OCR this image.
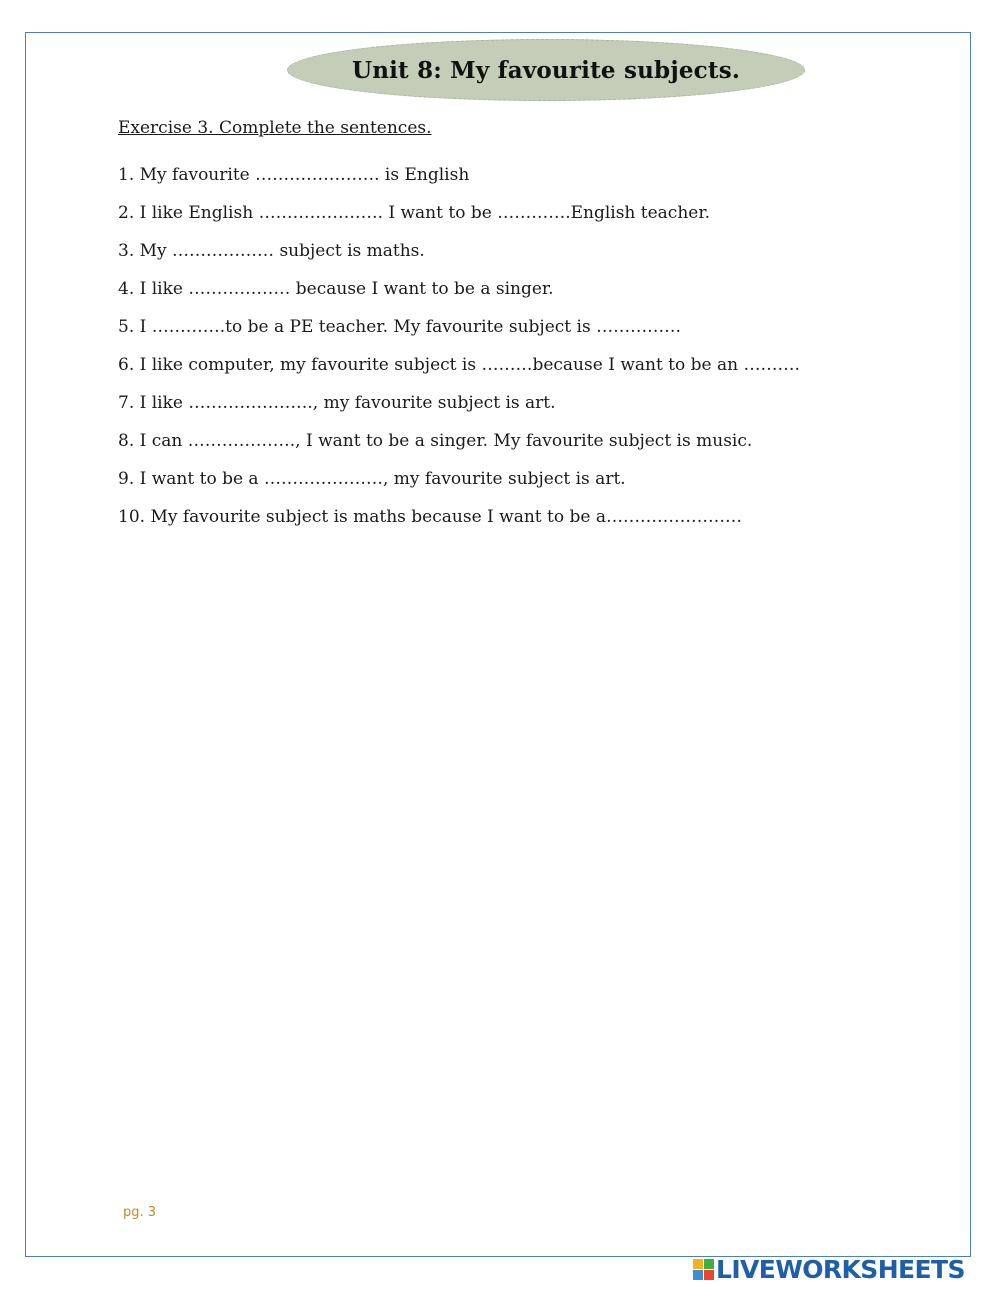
Unit 8: My favourite subjects.
Exercise 3. Complete the sentences.
1. My favourite …………………. is English
2. I like English …………………. I want to be ………….English teacher.
3. My ……………… subject is maths.
4. I like ……………… because I want to be a singer.
5. I ………….to be a PE teacher. My favourite subject is ……………
6. I like computer, my favourite subject is ………because I want to be an ……….
7. I like …………………., my favourite subject is art.
8. I can ………………., I want to be a singer. My favourite subject is music.
9. I want to be a …………………, my favourite subject is art.
10. My favourite subject is maths because I want to be a……………………
pg. 3
LIVEWORKSHEETS
